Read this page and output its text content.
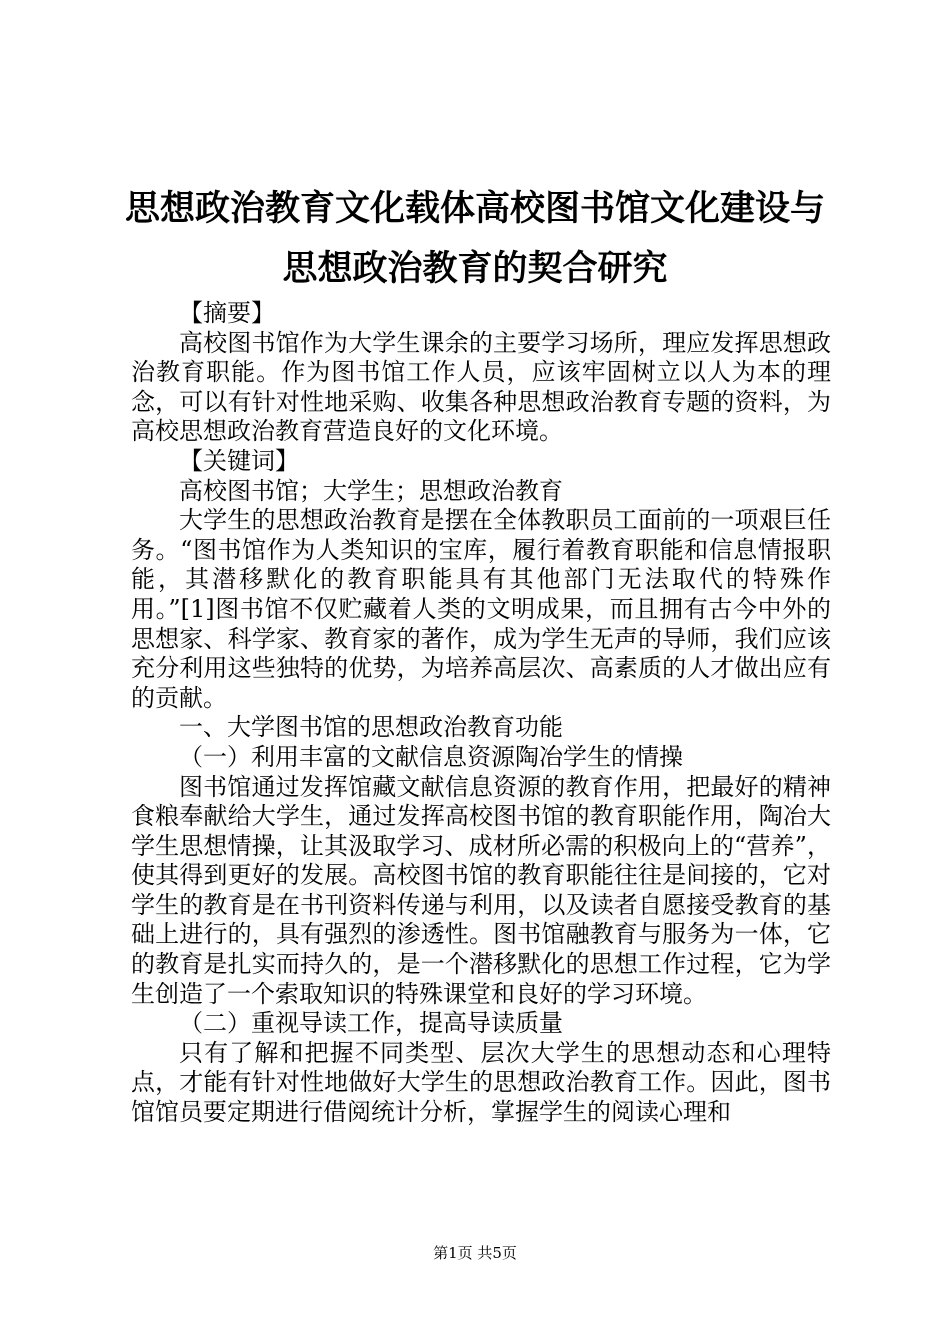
思想政治教育文化载体高校图书馆文化建设与
思想政治教育的契合研究

【摘要】

高校图书馆作为大学生课余的主要学习场所，理应发挥思想政治教育职能。作为图书馆工作人员，应该牢固树立以人为本的理念，可以有针对性地采购、收集各种思想政治教育专题的资料，为高校思想政治教育营造良好的文化环境。

【关键词】

高校图书馆；大学生；思想政治教育

大学生的思想政治教育是摆在全体教职员工面前的一项艰巨任务。“图书馆作为人类知识的宝库，履行着教育职能和信息情报职能，其潜移默化的教育职能具有其他部门无法取代的特殊作用。”[1]图书馆不仅贮藏着人类的文明成果，而且拥有古今中外的思想家、科学家、教育家的著作，成为学生无声的导师，我们应该充分利用这些独特的优势，为培养高层次、高素质的人才做出应有的贡献。

一、大学图书馆的思想政治教育功能

（一）利用丰富的文献信息资源陶冶学生的情操

图书馆通过发挥馆藏文献信息资源的教育作用，把最好的精神食粮奉献给大学生，通过发挥高校图书馆的教育职能作用，陶冶大学生思想情操，让其汲取学习、成材所必需的积极向上的“营养”，使其得到更好的发展。高校图书馆的教育职能往往是间接的，它对学生的教育是在书刊资料传递与利用，以及读者自愿接受教育的基础上进行的，具有强烈的渗透性。图书馆融教育与服务为一体，它的教育是扎实而持久的，是一个潜移默化的思想工作过程，它为学生创造了一个索取知识的特殊课堂和良好的学习环境。

（二）重视导读工作，提高导读质量

只有了解和把握不同类型、层次大学生的思想动态和心理特点，才能有针对性地做好大学生的思想政治教育工作。因此，图书馆馆员要定期进行借阅统计分析，掌握学生的阅读心理和

第1页 共5页
